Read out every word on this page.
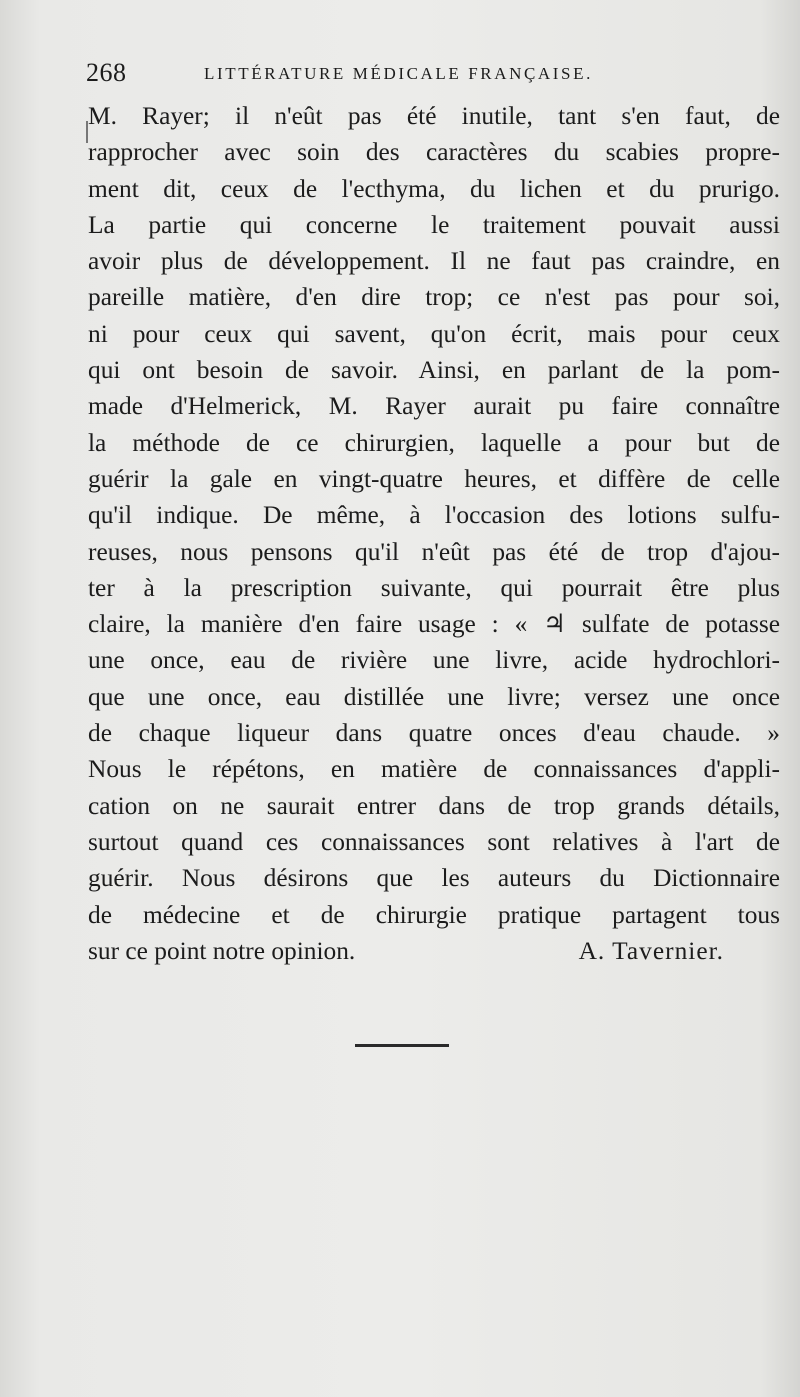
268	LITTÉRATURE MÉDICALE FRANÇAISE.
M. Rayer; il n'eût pas été inutile, tant s'en faut, de
rapprocher avec soin des caractères du scabies propre-
ment dit, ceux de l'ecthyma, du lichen et du prurigo.
La partie qui concerne le traitement pouvait aussi
avoir plus de développement. Il ne faut pas craindre, en
pareille matière, d'en dire trop; ce n'est pas pour soi,
ni pour ceux qui savent, qu'on écrit, mais pour ceux
qui ont besoin de savoir. Ainsi, en parlant de la pom-
made d'Helmerick, M. Rayer aurait pu faire connaître
la méthode de ce chirurgien, laquelle a pour but de
guérir la gale en vingt-quatre heures, et diffère de celle
qu'il indique. De même, à l'occasion des lotions sulfu-
reuses, nous pensons qu'il n'eût pas été de trop d'ajou-
ter à la prescription suivante, qui pourrait être plus
claire, la manière d'en faire usage : « ♃ sulfate de potasse
une once, eau de rivière une livre, acide hydrochlori-
que une once, eau distillée une livre; versez une once
de chaque liqueur dans quatre onces d'eau chaude. »
Nous le répétons, en matière de connaissances d'appli-
cation on ne saurait entrer dans de trop grands détails,
surtout quand ces connaissances sont relatives à l'art de
guérir. Nous désirons que les auteurs du Dictionnaire
de médecine et de chirurgie pratique partagent tous
sur ce point notre opinion.	A. Tavernier.
